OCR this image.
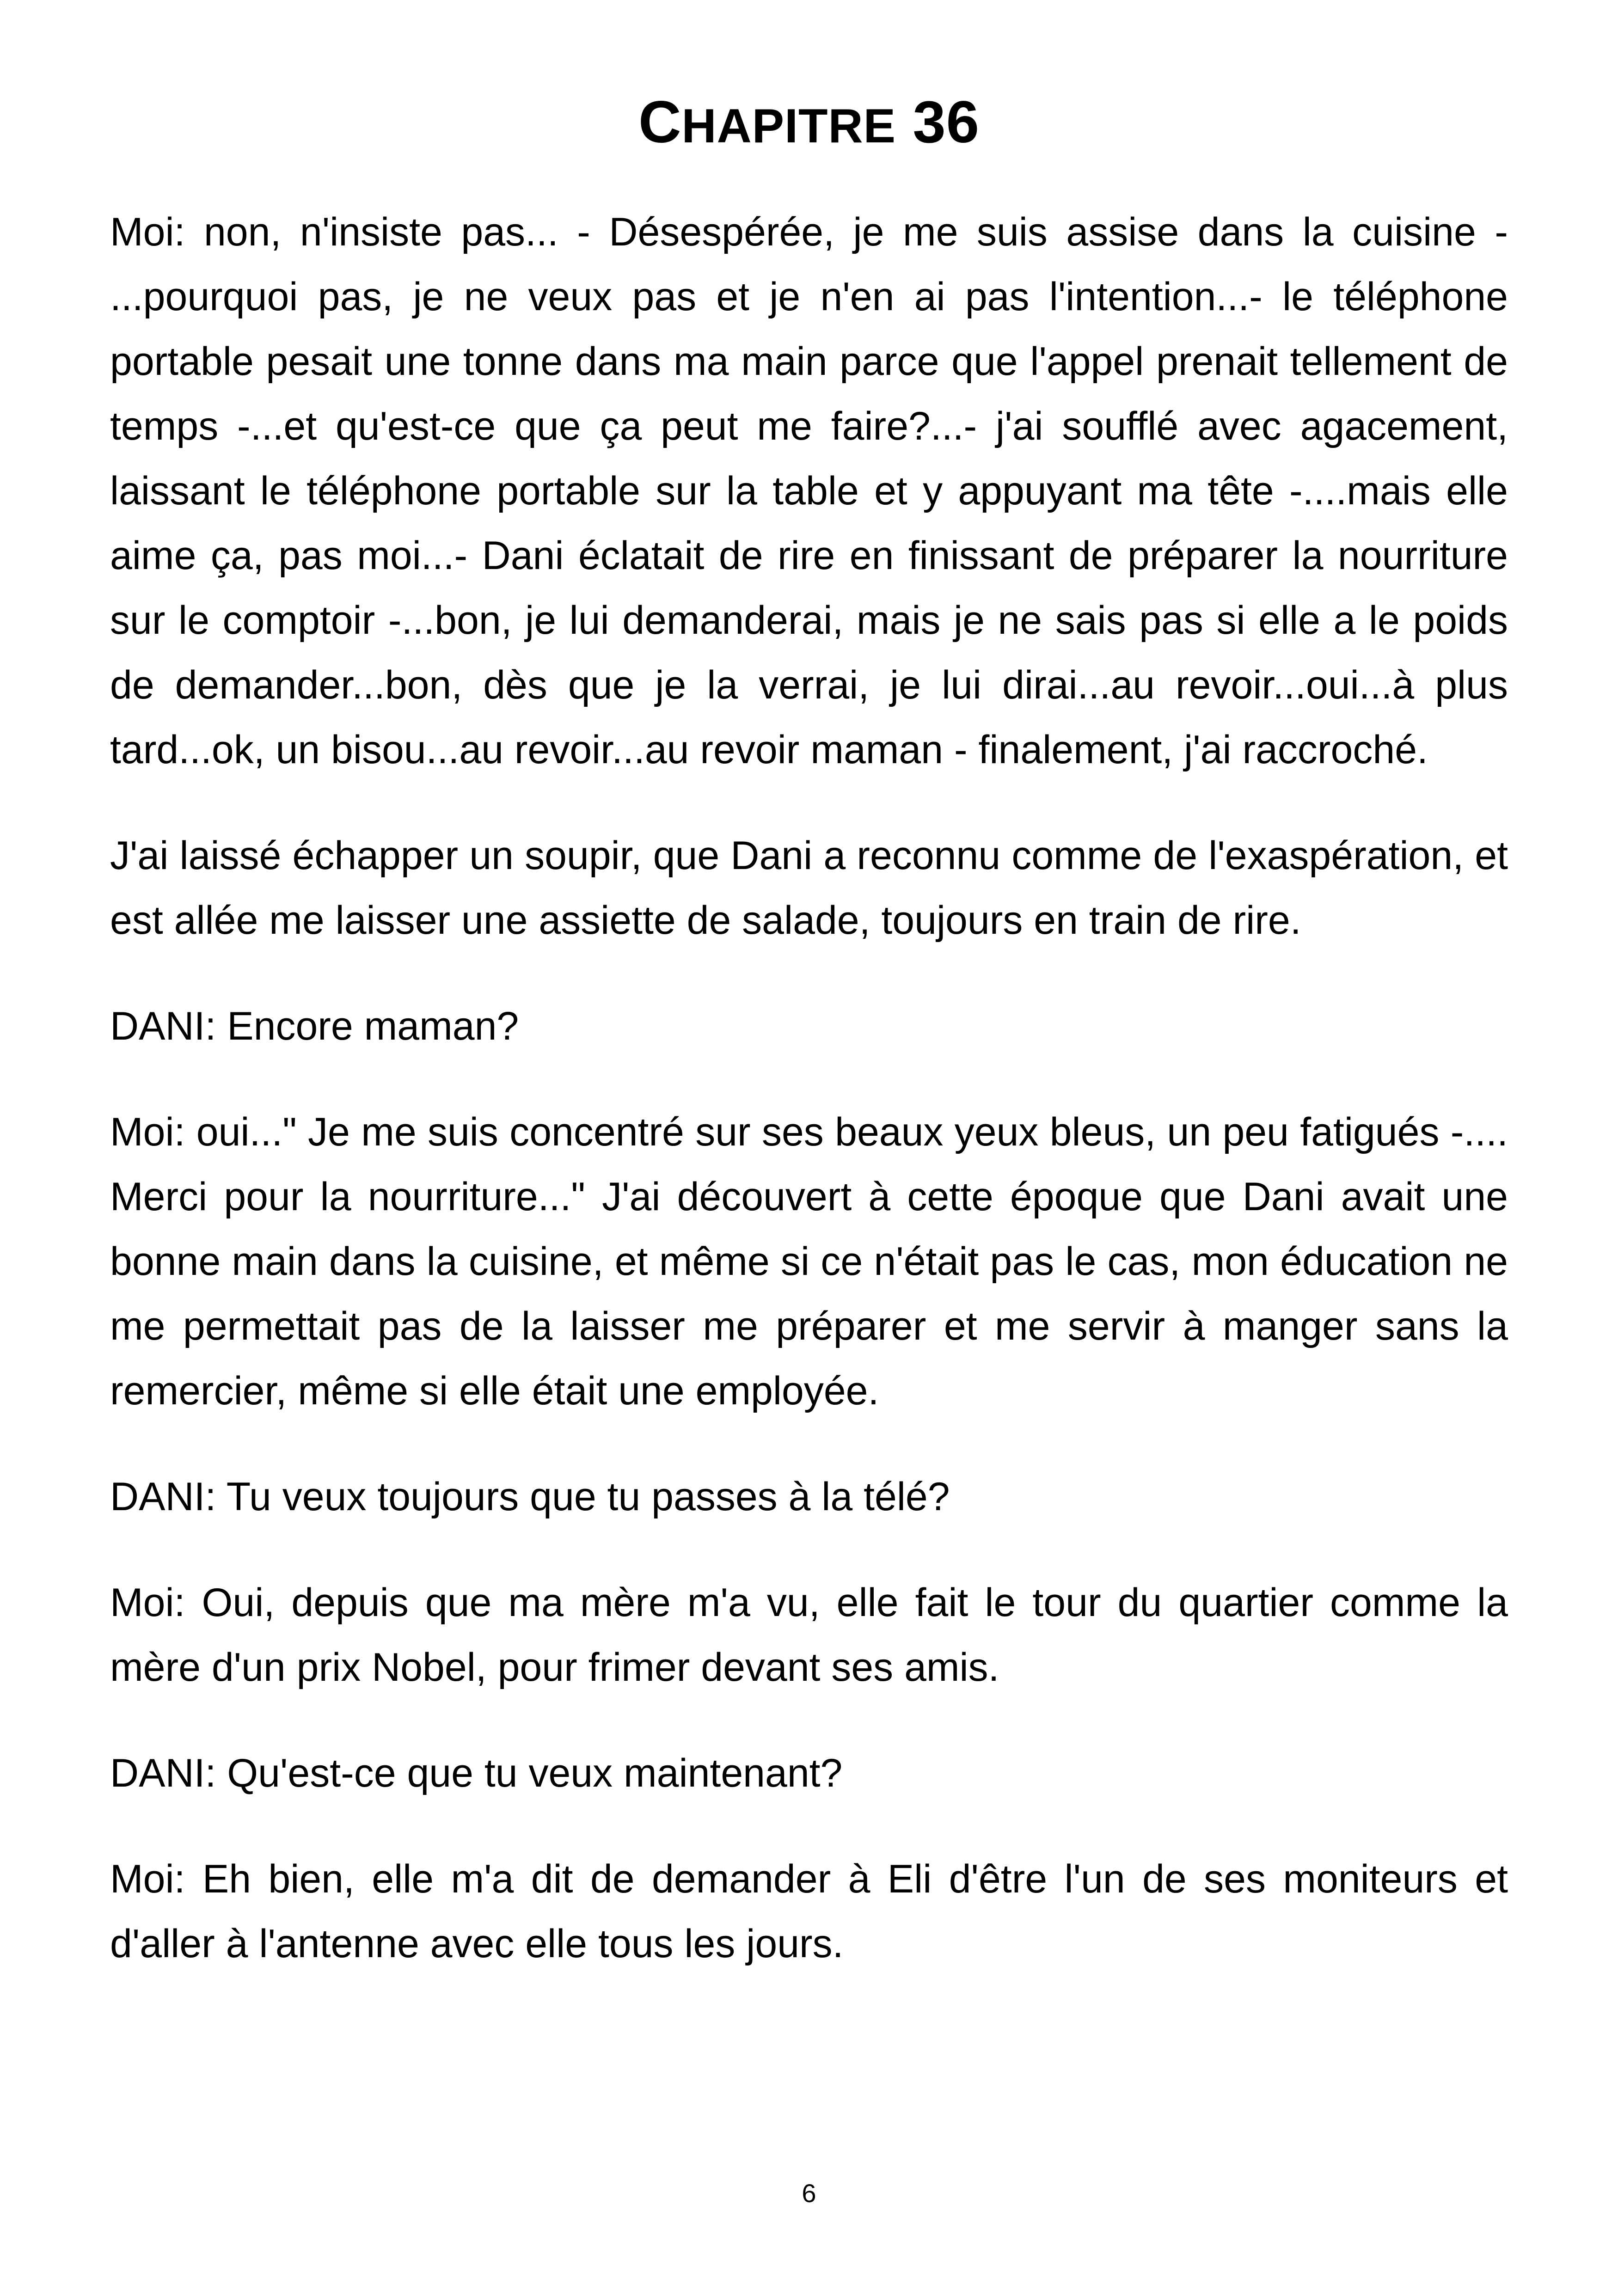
CHAPITRE 36

Moi: non, n'insiste pas... - Désespérée, je me suis assise dans la cuisine - ...pourquoi pas, je ne veux pas et je n'en ai pas l'intention...- le téléphone portable pesait une tonne dans ma main parce que l'appel prenait tellement de temps -...et qu'est-ce que ça peut me faire?...- j'ai soufflé avec agacement, laissant le téléphone portable sur la table et y appuyant ma tête -....mais elle aime ça, pas moi...- Dani éclatait de rire en finissant de préparer la nourriture sur le comptoir -...bon, je lui demanderai, mais je ne sais pas si elle a le poids de demander...bon, dès que je la verrai, je lui dirai...au revoir...oui...à plus tard...ok, un bisou...au revoir...au revoir maman - finalement, j'ai raccroché.

J'ai laissé échapper un soupir, que Dani a reconnu comme de l'exaspération, et est allée me laisser une assiette de salade, toujours en train de rire.

DANI: Encore maman?

Moi: oui..." Je me suis concentré sur ses beaux yeux bleus, un peu fatigués -.... Merci pour la nourriture..." J'ai découvert à cette époque que Dani avait une bonne main dans la cuisine, et même si ce n'était pas le cas, mon éducation ne me permettait pas de la laisser me préparer et me servir à manger sans la remercier, même si elle était une employée.

DANI: Tu veux toujours que tu passes à la télé?

Moi: Oui, depuis que ma mère m'a vu, elle fait le tour du quartier comme la mère d'un prix Nobel, pour frimer devant ses amis.

DANI: Qu'est-ce que tu veux maintenant?

Moi: Eh bien, elle m'a dit de demander à Eli d'être l'un de ses moniteurs et d'aller à l'antenne avec elle tous les jours.

6
